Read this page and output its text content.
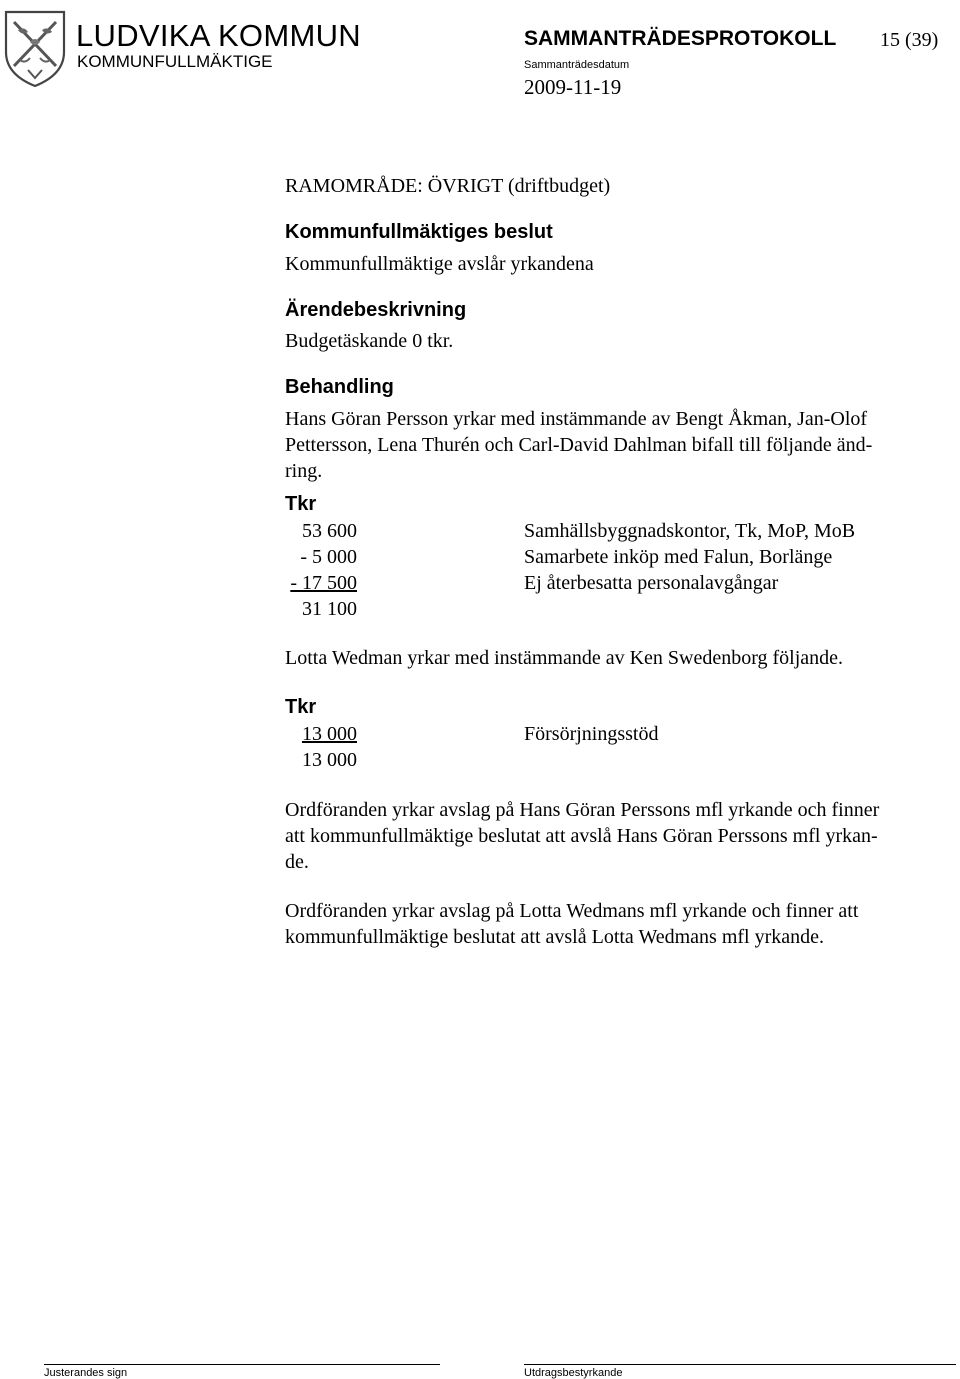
LUDVIKA KOMMUN
KOMMUNFULLMÄKTIGE
SAMMANTRÄDESPROTOKOLL 15 (39)
Sammanträdesdatum
2009-11-19
RAMOMRÅDE: ÖVRIGT (driftbudget)
Kommunfullmäktiges beslut
Kommunfullmäktige avslår yrkandena
Ärendebeskrivning
Budgetäskande 0 tkr.
Behandling
Hans Göran Persson yrkar med instämmande av Bengt Åkman, Jan-Olof
Pettersson, Lena Thurén och Carl-David Dahlman bifall till följande änd-
ring.
Tkr
53 600	Samhällsbyggnadskontor, Tk, MoP, MoB
- 5 000	Samarbete inköp med Falun, Borlänge
- 17 500	Ej återbesatta personalavgångar
31 100
Lotta Wedman yrkar med instämmande av Ken Swedenborg följande.
Tkr
13 000	Försörjningsstöd
13 000
Ordföranden yrkar avslag på Hans Göran Perssons mfl yrkande och finner
att kommunfullmäktige beslutat att avslå Hans Göran Perssons mfl yrkan-
de.
Ordföranden yrkar avslag på Lotta Wedmans mfl yrkande och finner att
kommunfullmäktige beslutat att avslå Lotta Wedmans mfl yrkande.
Justerandes sign	Utdragsbestyrkande
